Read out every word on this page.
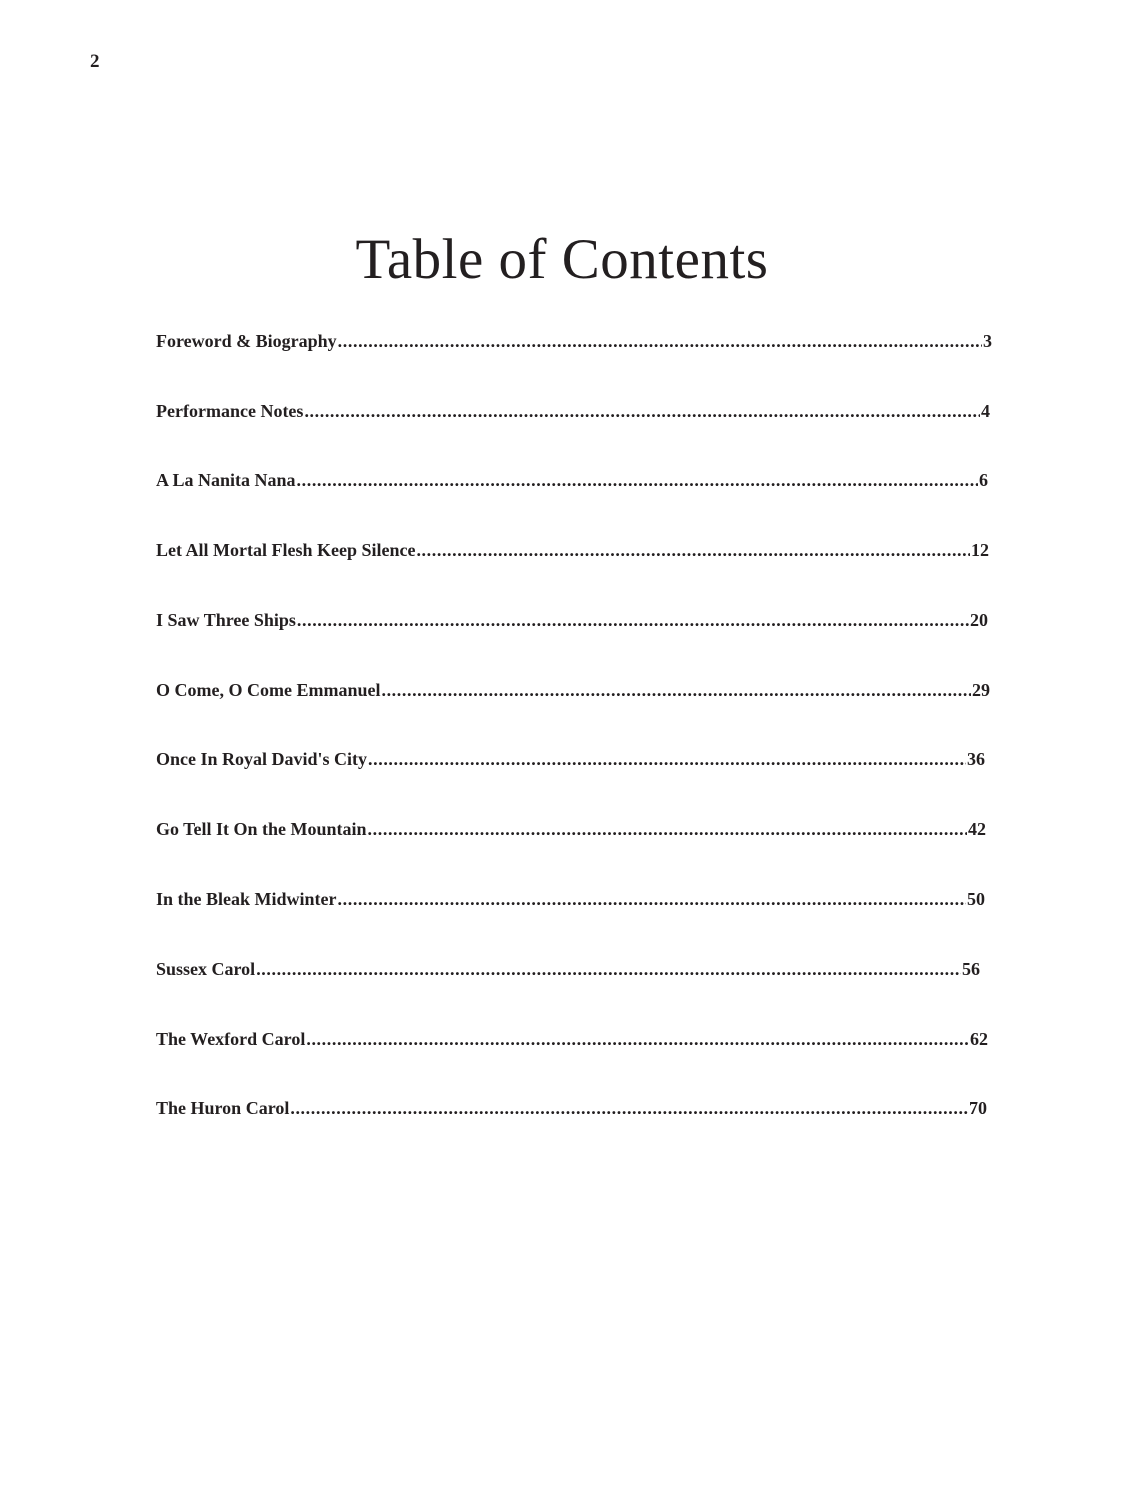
2
Table of Contents
Foreword & Biography .....	3
Performance Notes .....	4
A La Nanita Nana .....	6
Let All Mortal Flesh Keep Silence .....	12
I Saw Three Ships .....	20
O Come, O Come Emmanuel .....	29
Once In Royal David's City .....	36
Go Tell It On the Mountain .....	42
In the Bleak Midwinter .....	50
Sussex Carol .....	56
The Wexford Carol .....	62
The Huron Carol .....	70
